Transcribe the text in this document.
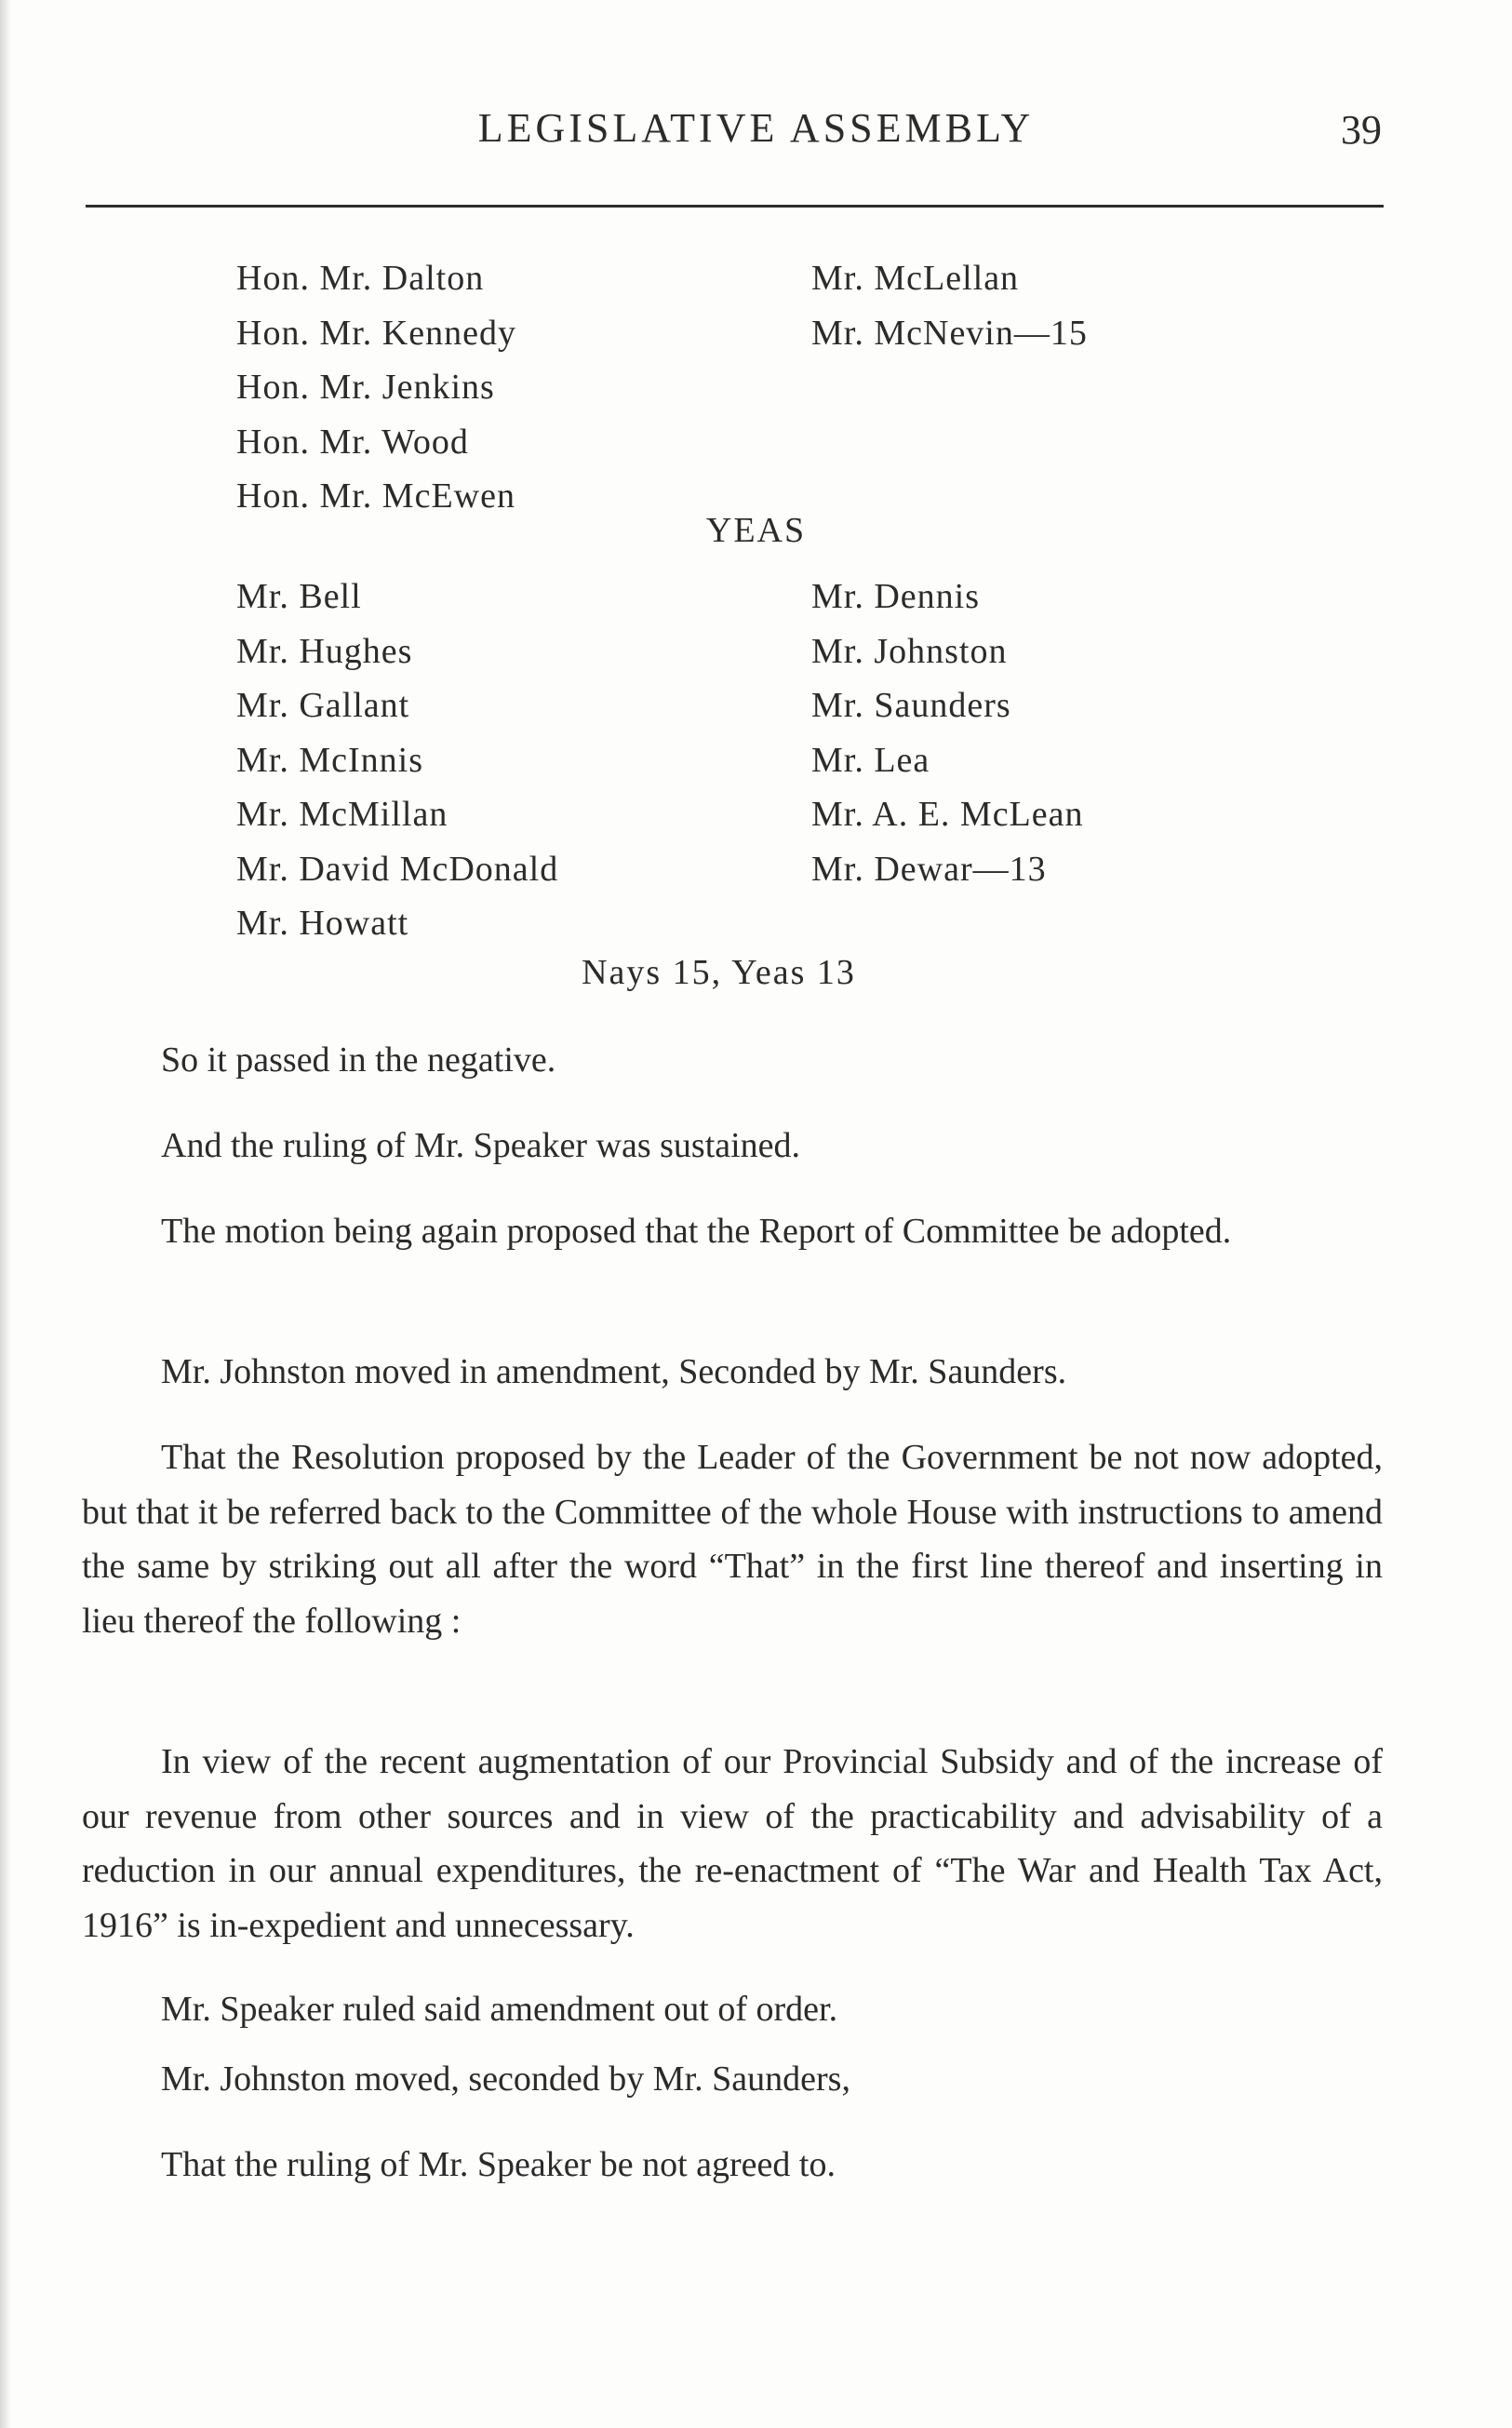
LEGISLATIVE ASSEMBLY	39
Hon. Mr. Dalton
Hon. Mr. Kennedy
Hon. Mr. Jenkins
Hon. Mr. Wood
Hon. Mr. McEwen
Mr. McLellan
Mr. McNevin—15
YEAS
Mr. Bell
Mr. Hughes
Mr. Gallant
Mr. McInnis
Mr. McMillan
Mr. David McDonald
Mr. Howatt
Mr. Dennis
Mr. Johnston
Mr. Saunders
Mr. Lea
Mr. A. E. McLean
Mr. Dewar—13
Nays 15, Yeas 13
So it passed in the negative.
And the ruling of Mr. Speaker was sustained.
The motion being again proposed that the Report of Committee be adopted.
Mr. Johnston moved in amendment, Seconded by Mr. Saunders.
That the Resolution proposed by the Leader of the Government be not now adopted, but that it be referred back to the Committee of the whole House with instructions to amend the same by striking out all after the word “That” in the first line thereof and inserting in lieu thereof the following :
In view of the recent augmentation of our Provincial Subsidy and of the increase of our revenue from other sources and in view of the practicability and advisability of a reduction in our annual expenditures, the re-enactment of “The War and Health Tax Act, 1916” is in-expedient and unnecessary.
Mr. Speaker ruled said amendment out of order.
Mr. Johnston moved, seconded by Mr. Saunders,
That the ruling of Mr. Speaker be not agreed to.
